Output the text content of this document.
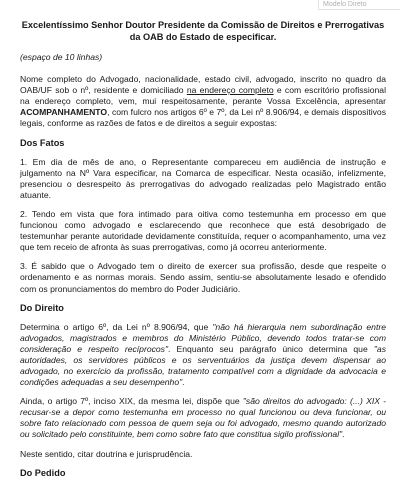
Modelo Direto
Excelentíssimo Senhor Doutor Presidente da Comissão de Direitos e Prerrogativas
da OAB do Estado de especificar.
(espaço de 10 linhas)

Nome completo do Advogado, nacionalidade, estado civil, advogado, inscrito no quadro da OAB/UF sob o nº, residente e domiciliado na endereço completo e com escritório profissional na endereço completo, vem, mui respeitosamente, perante Vossa Excelência, apresentar ACOMPANHAMENTO, com fulcro nos artigos 6º e 7º, da Lei nº 8.906/94, e demais dispositivos legais, conforme as razões de fatos e de direitos a seguir expostas:

Dos Fatos

1. Em dia de mês de ano, o Representante compareceu em audiência de instrução e julgamento na Nº Vara especificar, na Comarca de especificar. Nesta ocasião, infelizmente, presenciou o desrespeito às prerrogativas do advogado realizadas pelo Magistrado então atuante.

2. Tendo em vista que fora intimado para oitiva como testemunha em processo em que funcionou como advogado e esclarecendo que reconhece que está desobrigado de testemunhar perante autoridade devidamente constituída, requer o acompanhamento, uma vez que tem receio de afronta às suas prerrogativas, como já ocorreu anteriormente.

3. É sabido que o Advogado tem o direito de exercer sua profissão, desde que respeite o ordenamento e as normas morais. Sendo assim, sentiu-se absolutamente lesado e ofendido com os pronunciamentos do membro do Poder Judiciário.

Do Direito

Determina o artigo 6º, da Lei nº 8.906/94, que "não há hierarquia nem subordinação entre advogados, magistrados e membros do Ministério Público, devendo todos tratar-se com consideração e respeito recíprocos". Enquanto seu parágrafo único determina que "as autoridades, os servidores públicos e os serventuários da justiça devem dispensar ao advogado, no exercício da profissão, tratamento compatível com a dignidade da advocacia e condições adequadas a seu desempenho".

Ainda, o artigo 7º, inciso XIX, da mesma lei, dispõe que "são direitos do advogado: (...) XIX - recusar-se a depor como testemunha em processo no qual funcionou ou deva funcionar, ou sobre fato relacionado com pessoa de quem seja ou foi advogado, mesmo quando autorizado ou solicitado pelo constituinte, bem como sobre fato que constitua sigilo profissional".

Neste sentido, citar doutrina e jurisprudência.

Do Pedido
